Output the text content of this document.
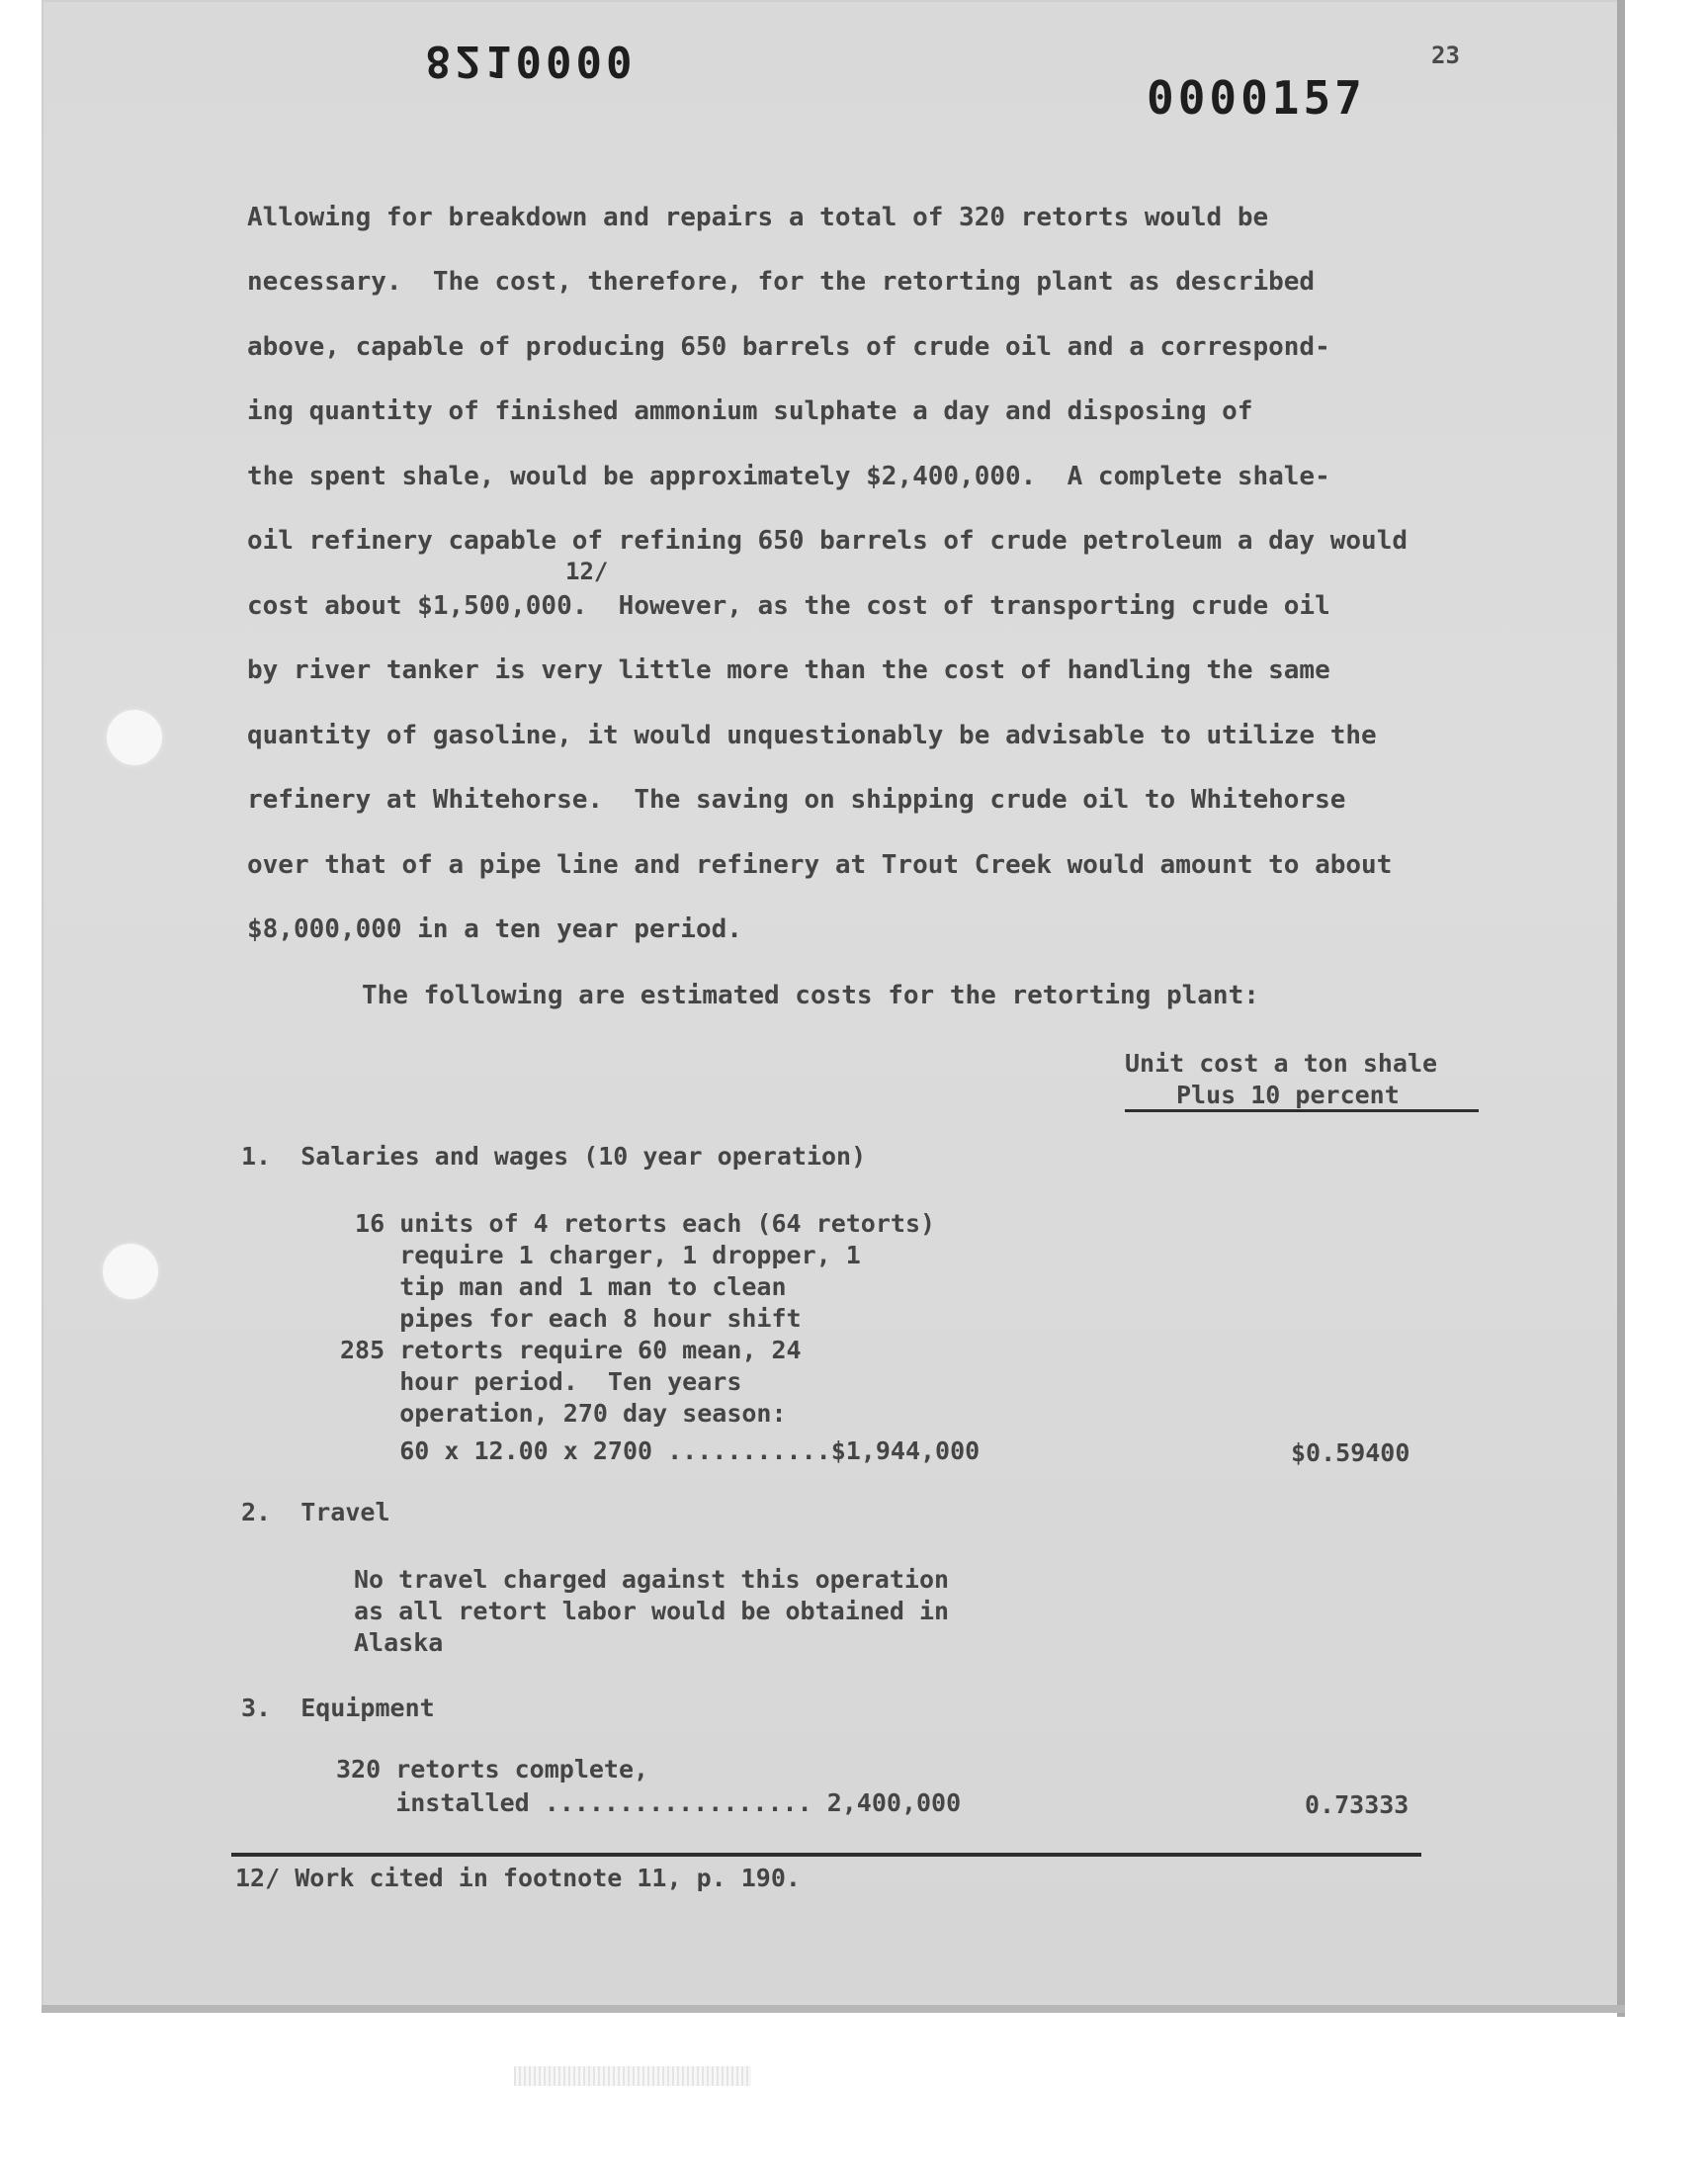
8210000
0000157
23
Allowing for breakdown and repairs a total of 320 retorts would be
necessary.  The cost, therefore, for the retorting plant as described
above, capable of producing 650 barrels of crude oil and a correspond-
ing quantity of finished ammonium sulphate a day and disposing of
the spent shale, would be approximately $2,400,000.  A complete shale-
oil refinery capable of refining 650 barrels of crude petroleum a day would
12/
cost about $1,500,000.  However, as the cost of transporting crude oil
by river tanker is very little more than the cost of handling the same
quantity of gasoline, it would unquestionably be advisable to utilize the
refinery at Whitehorse.  The saving on shipping crude oil to Whitehorse
over that of a pipe line and refinery at Trout Creek would amount to about
$8,000,000 in a ten year period.
The following are estimated costs for the retorting plant:
Unit cost a ton shale
Plus 10 percent
1.  Salaries and wages (10 year operation)
16 units of 4 retorts each (64 retorts)
require 1 charger, 1 dropper, 1
tip man and 1 man to clean
pipes for each 8 hour shift
285 retorts require 60 mean, 24
hour period.  Ten years
operation, 270 day season:
60 x 12.00 x 2700 ...........$1,944,000	$0.59400
2.  Travel
No travel charged against this operation
as all retort labor would be obtained in
Alaska
3.  Equipment
320 retorts complete,
installed .................. 2,400,000	0.73333
12/ Work cited in footnote 11, p. 190.
